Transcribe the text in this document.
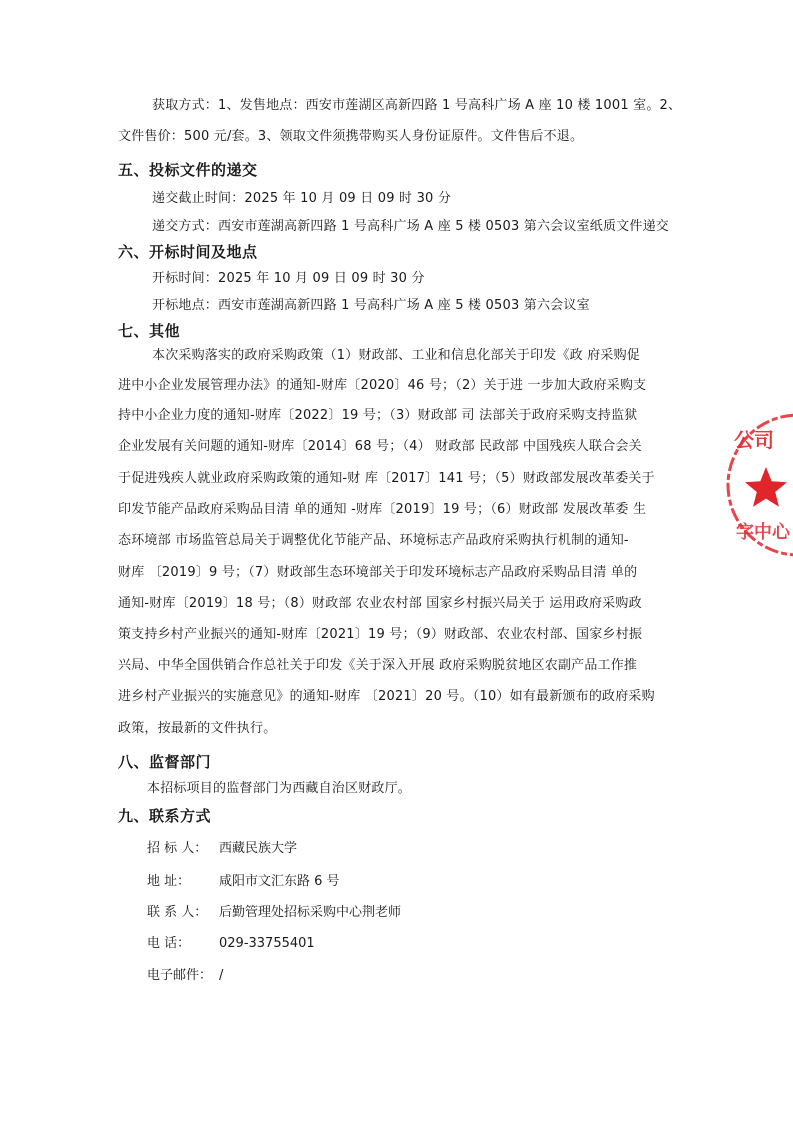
获取方式：1、发售地点：西安市莲湖区高新四路 1 号高科广场 A 座 10 楼 1001 室。2、
文件售价：500 元/套。3、领取文件须携带购买人身份证原件。文件售后不退。
五、投标文件的递交
递交截止时间：2025 年 10 月 09 日 09 时 30 分
递交方式：西安市莲湖高新四路 1 号高科广场 A 座 5 楼 0503 第六会议室纸质文件递交
六、开标时间及地点
开标时间：2025 年 10 月 09 日 09 时 30 分
开标地点：西安市莲湖高新四路 1 号高科广场 A 座 5 楼 0503 第六会议室
七、其他
本次采购落实的政府采购政策（1）财政部、工业和信息化部关于印发《政 府采购促
进中小企业发展管理办法》的通知-财库〔2020〕46 号；（2）关于进 一步加大政府采购支
持中小企业力度的通知-财库〔2022〕19 号；（3）财政部 司 法部关于政府采购支持监狱
企业发展有关问题的通知-财库〔2014〕68 号；（4） 财政部 民政部 中国残疾人联合会关
于促进残疾人就业政府采购政策的通知-财 库〔2017〕141 号；（5）财政部发展改革委关于
印发节能产品政府采购品目清 单的通知 -财库〔2019〕19 号；（6）财政部 发展改革委 生
态环境部 市场监管总局关于调整优化节能产品、环境标志产品政府采购执行机制的通知-
财库 〔2019〕9 号；（7）财政部生态环境部关于印发环境标志产品政府采购品目清 单的
通知-财库〔2019〕18 号；（8）财政部 农业农村部 国家乡村振兴局关于 运用政府采购政
策支持乡村产业振兴的通知-财库〔2021〕19 号；（9）财政部、农业农村部、国家乡村振
兴局、中华全国供销合作总社关于印发《关于深入开展 政府采购脱贫地区农副产品工作推
进乡村产业振兴的实施意见》的通知-财库 〔2021〕20 号。（10）如有最新颁布的政府采购
政策，按最新的文件执行。
八、监督部门
本招标项目的监督部门为西藏自治区财政厅。
九、联系方式
招 标 人： 西藏民族大学
地 址： 咸阳市文汇东路 6 号
联 系 人： 后勤管理处招标采购中心荆老师
电 话： 029-33755401
电子邮件： /
公司
字中心
